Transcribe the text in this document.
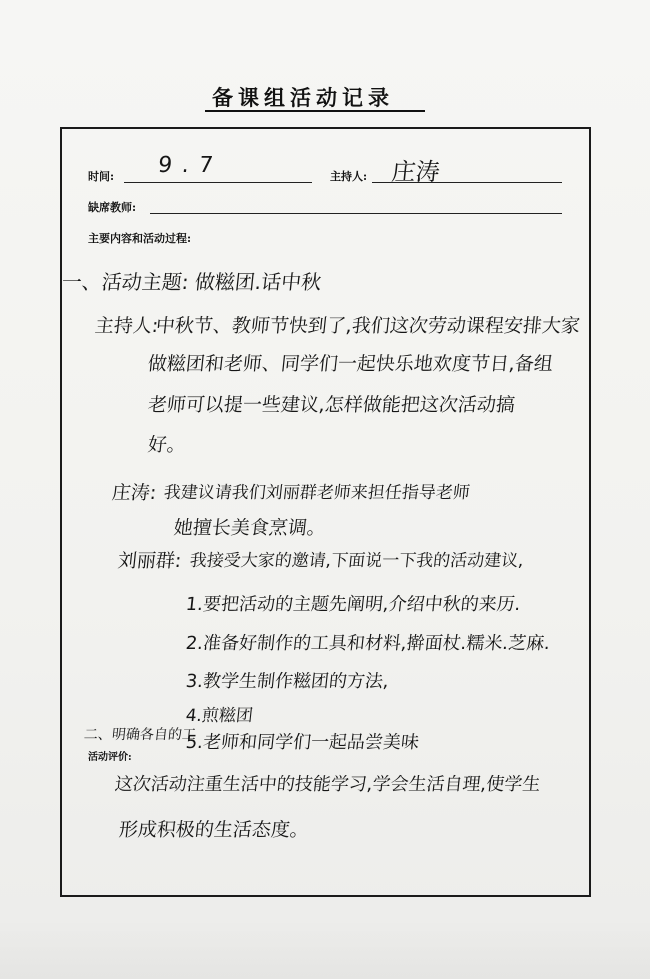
备课组活动记录
时间: 9.7	主持人: 庄涛
缺席教师:
主要内容和活动过程:
一、活动主题: 做糍团.话中秋
主持人:
中秋节、教师节快到了,我们这次劳动课程安排大家
做糍团和老师、同学们一起快乐地欢度节日,备组
老师可以提一些建议,怎样做能把这次活动搞
好。
庄涛: 我建议请我们刘丽群老师来担任指导老师
她擅长美食烹调。
刘丽群: 我接受大家的邀请,下面说一下我的活动建议,
1.要把活动的主题先阐明,介绍中秋的来历.
2.准备好制作的工具和材料,擀面杖.糯米.芝麻.
3.教学生制作糍团的方法,
4.煎糍团
二、明确各自的工
5.老师和同学们一起品尝美味
活动评价:
这次活动注重生活中的技能学习,学会生活自理,使学生
形成积极的生活态度。
